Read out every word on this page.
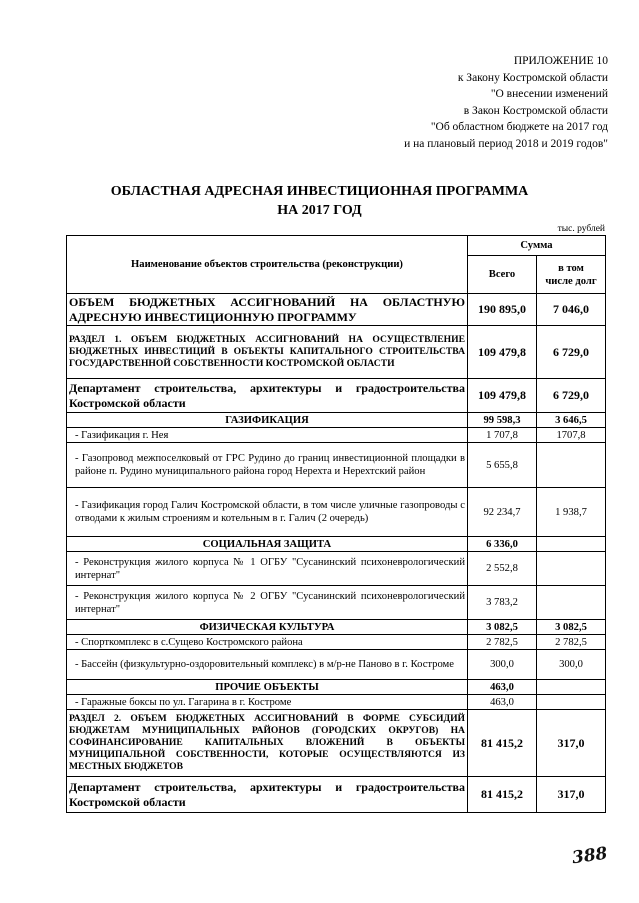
ПРИЛОЖЕНИЕ 10
к Закону Костромской области
"О внесении изменений
в Закон Костромской области
"Об областном бюджете на 2017 год
и на плановый период 2018 и 2019 годов"
ОБЛАСТНАЯ АДРЕСНАЯ ИНВЕСТИЦИОННАЯ ПРОГРАММА
НА 2017 ГОД
тыс. рублей
Наименование объектов строительства (реконструкции)	Сумма	
	Всего	в том
числе долг
ОБЪЕМ БЮДЖЕТНЫХ АССИГНОВАНИЙ НА ОБЛАСТНУЮ АДРЕСНУЮ ИНВЕСТИЦИОННУЮ ПРОГРАММУ	190 895,0	7 046,0
РАЗДЕЛ 1. ОБЪЕМ БЮДЖЕТНЫХ АССИГНОВАНИЙ НА ОСУЩЕСТВЛЕНИЕ БЮДЖЕТНЫХ ИНВЕСТИЦИЙ В ОБЪЕКТЫ КАПИТАЛЬНОГО СТРОИТЕЛЬСТВА ГОСУДАРСТВЕННОЙ СОБСТВЕННОСТИ КОСТРОМСКОЙ ОБЛАСТИ	109 479,8	6 729,0
Департамент строительства, архитектуры и градостроительства Костромской области	109 479,8	6 729,0
ГАЗИФИКАЦИЯ	99 598,3	3 646,5
- Газификация г. Нея	1 707,8	1707,8
- Газопровод межпоселковый от ГРС Рудино до границ инвестиционной площадки в районе п. Рудино муниципального района город Нерехта и Нерехтский район	5 655,8	
- Газификация город Галич Костромской области, в том числе уличные газопроводы с отводами к жилым строениям и котельным в г. Галич (2 очередь)	92 234,7	1 938,7
СОЦИАЛЬНАЯ ЗАЩИТА	6 336,0	
- Реконструкция жилого корпуса № 1 ОГБУ "Сусанинский психоневрологический интернат"	2 552,8	
- Реконструкция жилого корпуса № 2 ОГБУ "Сусанинский психоневрологический интернат"	3 783,2	
ФИЗИЧЕСКАЯ КУЛЬТУРА	3 082,5	3 082,5
- Спорткомплекс в с.Сущево Костромского района	2 782,5	2 782,5
- Бассейн (физкультурно-оздоровительный комплекс) в м/р-не Паново в г. Костроме	300,0	300,0
ПРОЧИЕ ОБЪЕКТЫ	463,0	
- Гаражные боксы по ул. Гагарина в г. Костроме	463,0	
РАЗДЕЛ 2. ОБЪЕМ БЮДЖЕТНЫХ АССИГНОВАНИЙ В ФОРМЕ СУБСИДИЙ БЮДЖЕТАМ МУНИЦИПАЛЬНЫХ РАЙОНОВ (ГОРОДСКИХ ОКРУГОВ) НА СОФИНАНСИРОВАНИЕ КАПИТАЛЬНЫХ ВЛОЖЕНИЙ В ОБЪЕКТЫ МУНИЦИПАЛЬНОЙ СОБСТВЕННОСТИ, КОТОРЫЕ ОСУЩЕСТВЛЯЮТСЯ ИЗ МЕСТНЫХ БЮДЖЕТОВ	81 415,2	317,0
Департамент строительства, архитектуры и градостроительства Костромской области	81 415,2	317,0
388
